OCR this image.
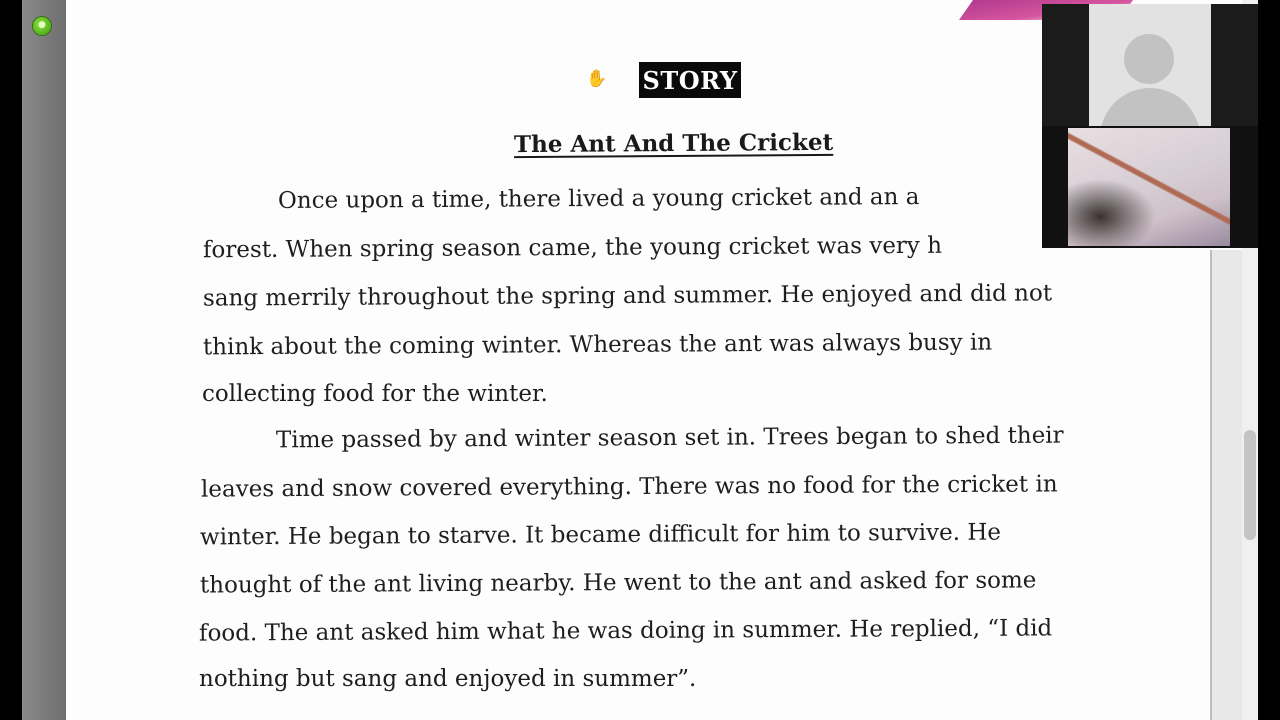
●
✋ STORY
The Ant And The Cricket
Once upon a time, there lived a young cricket and an a
forest. When spring season came, the young cricket was very h
sang merrily throughout the spring and summer. He enjoyed and did not
think about the coming winter. Whereas the ant was always busy in
collecting food for the winter.
Time passed by and winter season set in. Trees began to shed their
leaves and snow covered everything. There was no food for the cricket in
winter. He began to starve. It became difficult for him to survive. He
thought of the ant living nearby. He went to the ant and asked for some
food. The ant asked him what he was doing in summer. He replied, “I did
nothing but sang and enjoyed in summer”.
